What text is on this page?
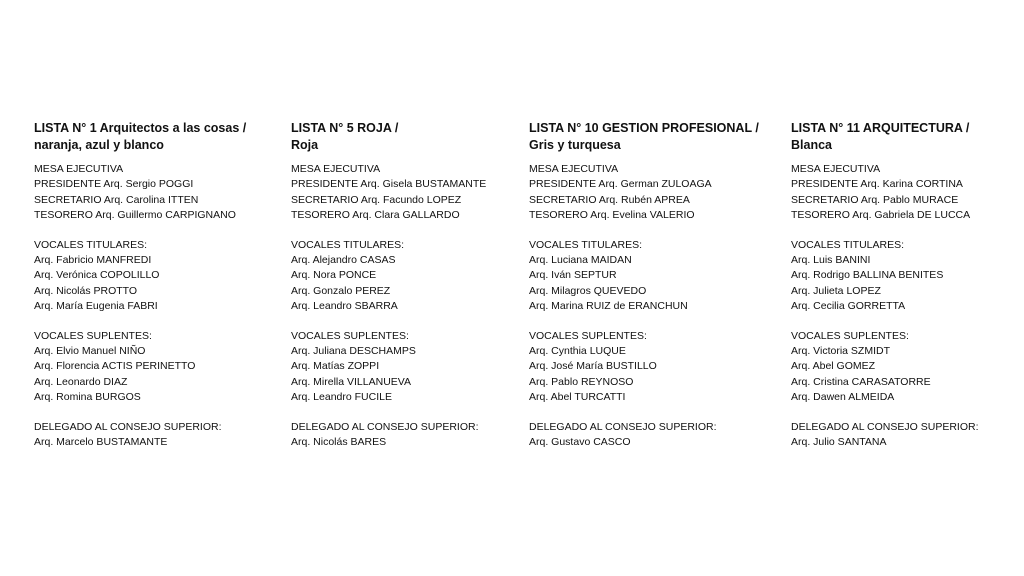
LISTA N° 1 Arquitectos a las cosas /
naranja, azul y blanco
MESA EJECUTIVA
PRESIDENTE Arq. Sergio POGGI
SECRETARIO Arq. Carolina ITTEN
TESORERO Arq. Guillermo CARPIGNANO
VOCALES TITULARES:
Arq. Fabricio MANFREDI
Arq. Verónica COPOLILLO
Arq. Nicolás PROTTO
Arq. María Eugenia FABRI
VOCALES SUPLENTES:
Arq. Elvio Manuel NIÑO
Arq. Florencia ACTIS PERINETTO
Arq. Leonardo DIAZ
Arq. Romina BURGOS
DELEGADO AL CONSEJO SUPERIOR:
Arq. Marcelo BUSTAMANTE
LISTA N° 5 ROJA /
Roja
MESA EJECUTIVA
PRESIDENTE Arq. Gisela BUSTAMANTE
SECRETARIO Arq. Facundo LOPEZ
TESORERO Arq. Clara GALLARDO
VOCALES TITULARES:
Arq. Alejandro CASAS
Arq. Nora PONCE
Arq. Gonzalo PEREZ
Arq. Leandro SBARRA
VOCALES SUPLENTES:
Arq. Juliana DESCHAMPS
Arq. Matías ZOPPI
Arq. Mirella VILLANUEVA
Arq. Leandro FUCILE
DELEGADO AL CONSEJO SUPERIOR:
Arq. Nicolás BARES
LISTA N° 10 GESTION PROFESIONAL /
Gris y turquesa
MESA EJECUTIVA
PRESIDENTE Arq. German ZULOAGA
SECRETARIO Arq. Rubén APREA
TESORERO Arq. Evelina VALERIO
VOCALES TITULARES:
Arq. Luciana MAIDAN
Arq. Iván SEPTUR
Arq. Milagros QUEVEDO
Arq. Marina RUIZ de ERANCHUN
VOCALES SUPLENTES:
Arq. Cynthia LUQUE
Arq. José María BUSTILLO
Arq. Pablo REYNOSO
Arq. Abel TURCATTI
DELEGADO AL CONSEJO SUPERIOR:
Arq. Gustavo CASCO
LISTA N° 11 ARQUITECTURA /
Blanca
MESA EJECUTIVA
PRESIDENTE Arq. Karina CORTINA
SECRETARIO Arq. Pablo MURACE
TESORERO Arq. Gabriela DE LUCCA
VOCALES TITULARES:
Arq. Luis BANINI
Arq. Rodrigo BALLINA BENITES
Arq. Julieta LOPEZ
Arq. Cecilia GORRETTA
VOCALES SUPLENTES:
Arq. Victoria SZMIDT
Arq. Abel GOMEZ
Arq. Cristina CARASATORRE
Arq. Dawen ALMEIDA
DELEGADO AL CONSEJO SUPERIOR:
Arq. Julio SANTANA
